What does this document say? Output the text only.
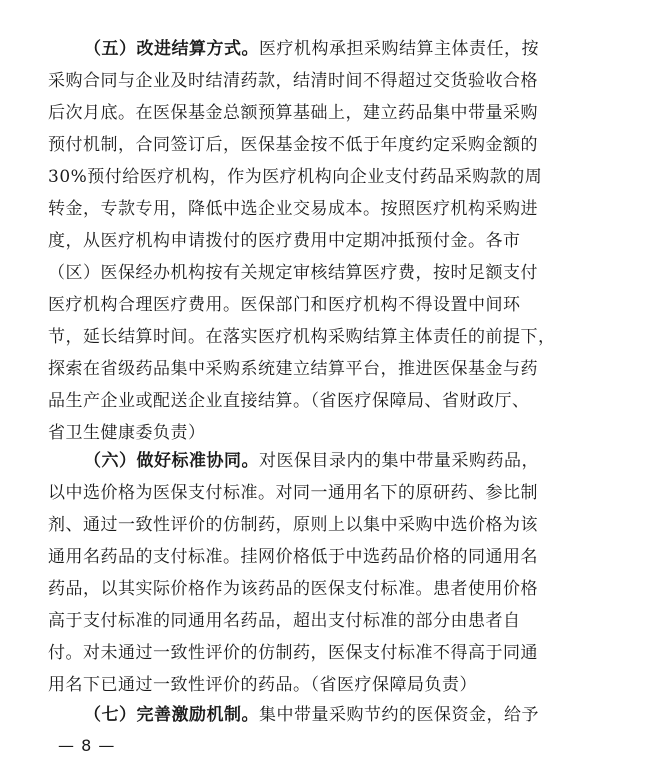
（五）改进结算方式。医疗机构承担采购结算主体责任，按
采购合同与企业及时结清药款，结清时间不得超过交货验收合格
后次月底。在医保基金总额预算基础上，建立药品集中带量采购
预付机制，合同签订后，医保基金按不低于年度约定采购金额的
30%预付给医疗机构，作为医疗机构向企业支付药品采购款的周
转金，专款专用，降低中选企业交易成本。按照医疗机构采购进
度，从医疗机构申请拨付的医疗费用中定期冲抵预付金。各市
（区）医保经办机构按有关规定审核结算医疗费，按时足额支付
医疗机构合理医疗费用。医保部门和医疗机构不得设置中间环
节，延长结算时间。在落实医疗机构采购结算主体责任的前提下，
探索在省级药品集中采购系统建立结算平台，推进医保基金与药
品生产企业或配送企业直接结算。（省医疗保障局、省财政厅、
省卫生健康委负责）
（六）做好标准协同。对医保目录内的集中带量采购药品，
以中选价格为医保支付标准。对同一通用名下的原研药、参比制
剂、通过一致性评价的仿制药，原则上以集中采购中选价格为该
通用名药品的支付标准。挂网价格低于中选药品价格的同通用名
药品，以其实际价格作为该药品的医保支付标准。患者使用价格
高于支付标准的同通用名药品，超出支付标准的部分由患者自
付。对未通过一致性评价的仿制药，医保支付标准不得高于同通
用名下已通过一致性评价的药品。（省医疗保障局负责）
（七）完善激励机制。集中带量采购节约的医保资金，给予
— 8 —
